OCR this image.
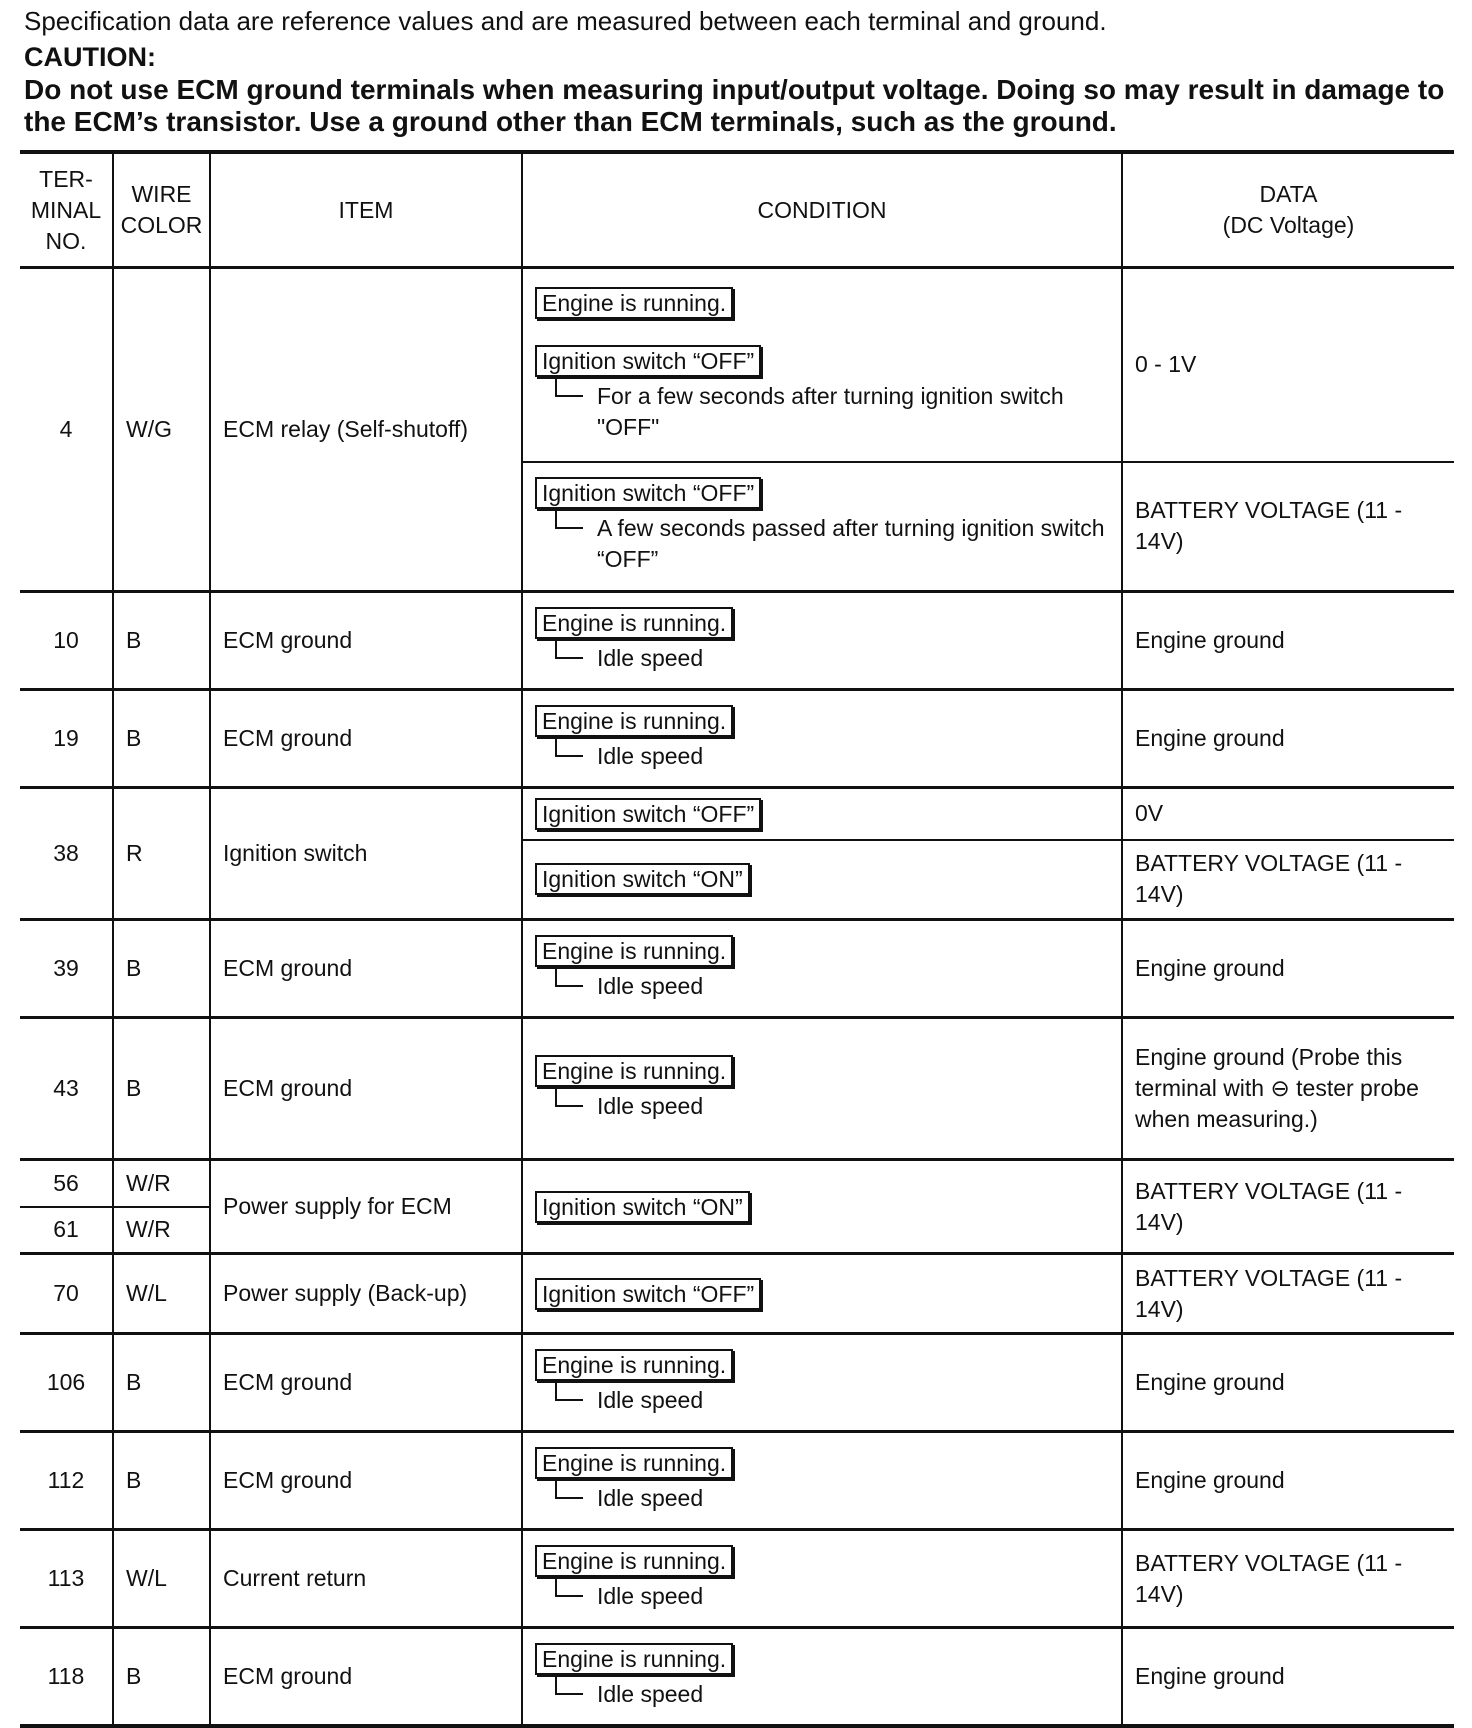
Specification data are reference values and are measured between each terminal and ground.
CAUTION:
Do not use ECM ground terminals when measuring input/output voltage. Doing so may result in damage to the ECM’s transistor. Use a ground other than ECM terminals, such as the ground.
TER- MINAL NO.	WIRE COLOR	ITEM	CONDITION	DATA
(DC Voltage)

4	W/G	ECM relay (Self-shutoff)	Engine is running.
Ignition switch “OFF”
For a few seconds after turning ignition switch "OFF"	0 - 1V

			Ignition switch “OFF”
A few seconds passed after turning ignition switch “OFF”	BATTERY VOLTAGE (11 - 14V)
10	B	ECM ground	Engine is running.
Idle speed	Engine ground
19	B	ECM ground	Engine is running.
Idle speed	Engine ground
38	R	Ignition switch	Ignition switch “OFF”	0V
			Ignition switch “ON”	BATTERY VOLTAGE (11 - 14V)
39	B	ECM ground	Engine is running.
Idle speed	Engine ground
43	B	ECM ground	Engine is running.
Idle speed	Engine ground (Probe this terminal with ⊖ tester probe when measuring.)
56	W/R	Power supply for ECM	Ignition switch “ON”	BATTERY VOLTAGE (11 - 14V)
61	W/R			
70	W/L	Power supply (Back-up)	Ignition switch “OFF”	BATTERY VOLTAGE (11 - 14V)
106	B	ECM ground	Engine is running.
Idle speed	Engine ground
112	B	ECM ground	Engine is running.
Idle speed	Engine ground
113	W/L	Current return	Engine is running.
Idle speed	BATTERY VOLTAGE (11 - 14V)
118	B	ECM ground	Engine is running.
Idle speed	Engine ground
